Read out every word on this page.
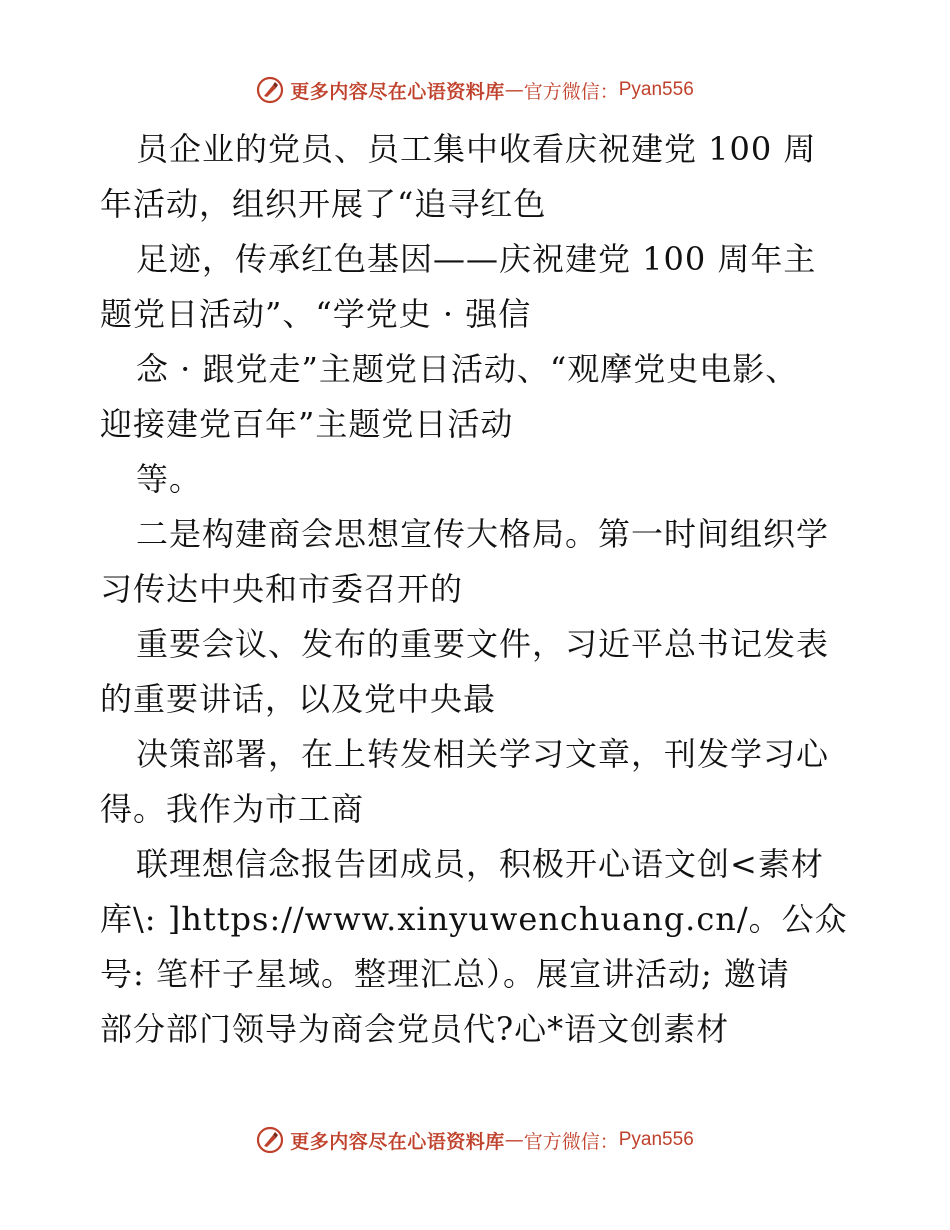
更多内容尽在心语资料库 — 官方微信： Pyan556
员企业的党员、员工集中收看庆祝建党 100 周
年活动，组织开展了“追寻红色
足迹，传承红色基因——庆祝建党 100 周年主
题党日活动”、“学党史 · 强信
念 · 跟党走”主题党日活动、“观摩党史电影、
迎接建党百年”主题党日活动
等。
二是构建商会思想宣传大格局。第一时间组织学
习传达中央和市委召开的
重要会议、发布的重要文件，习近平总书记发表
的重要讲话，以及党中央最
决策部署，在上转发相关学习文章，刊发学习心
得。我作为市工商
联理想信念报告团成员，积极开心语文创<素材
库\: ]https://www.xinyuwenchuang.cn/。公众
号: 笔杆子星域。整理汇总）。展宣讲活动; 邀请
部分部门领导为商会党员代?心*语文创素材
更多内容尽在心语资料库 — 官方微信： Pyan556
